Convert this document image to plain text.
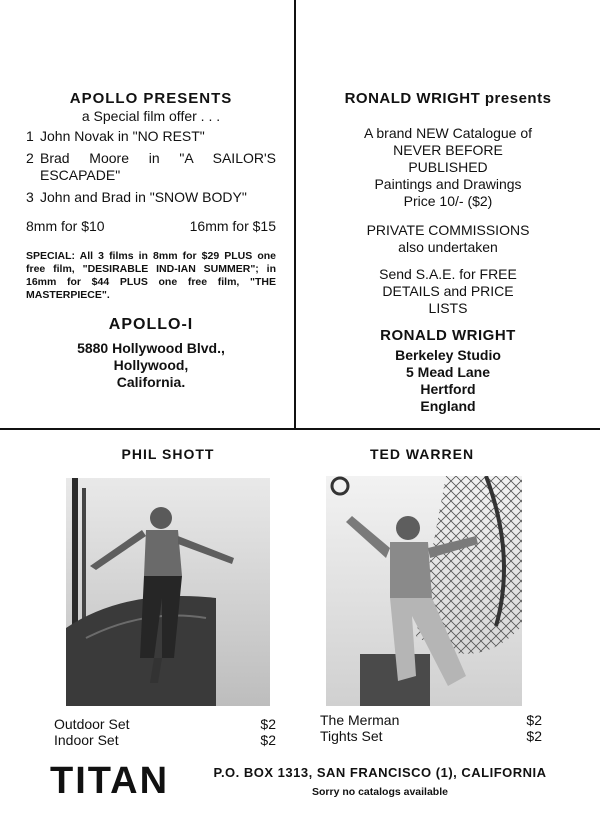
APOLLO PRESENTS
a Special film offer . . .
1 John Novak in "NO REST"
2 Brad Moore in "A SAILOR'S ESCAPADE"
3 John and Brad in "SNOW BODY"
8mm for $10	16mm for $15
SPECIAL: All 3 films in 8mm for $29 PLUS one free film, "DESIRABLE IND-IAN SUMMER"; in 16mm for $44 PLUS one free film, "THE MASTERPIECE".
APOLLO-I
5880 Hollywood Blvd.,
Hollywood,
California.
RONALD WRIGHT presents
A brand NEW Catalogue of
NEVER BEFORE
PUBLISHED
Paintings and Drawings
Price 10/- ($2)
PRIVATE COMMISSIONS
also undertaken
Send S.A.E. for FREE
DETAILS and PRICE
LISTS
RONALD WRIGHT
Berkeley Studio
5 Mead Lane
Hertford
England
PHIL SHOTT
Outdoor Set	$2
Indoor Set	$2
TED WARREN
The Merman	$2
Tights Set	$2
TITAN	P.O. BOX 1313, SAN FRANCISCO (1), CALIFORNIA
Sorry no catalogs available
